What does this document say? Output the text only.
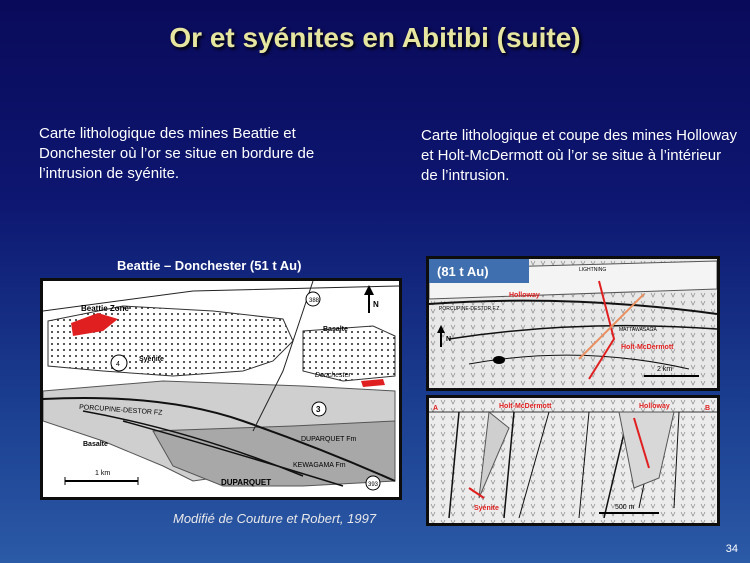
Or et syénites en Abitibi (suite)
Carte lithologique des mines Beattie et Donchester où l’or se situe en bordure de l’intrusion de syénite.
Carte lithologique et coupe des mines Holloway et Holt-McDermott où l’or se situe à l’intérieur de l’intrusion.
Beattie – Donchester (51 t Au)
Beattie Zone
Syénite
Basalte
Basalte
Donchester
PORCUPINE-DESTOR FZ
DUPARQUET Fm
KEWAGAMA Fm
DUPARQUET
1 km
N
388
4
3
393
Modifié de Couture et Robert, 1997
Holloway
Holt-McDermott
2 km
PORCUPINE-DESTOR F.Z.
LIGHTNING
MATTAWASAGA
N
(81 t Au)
Holt-McDermott	Holloway
Syénite	500 m
A	B
34
